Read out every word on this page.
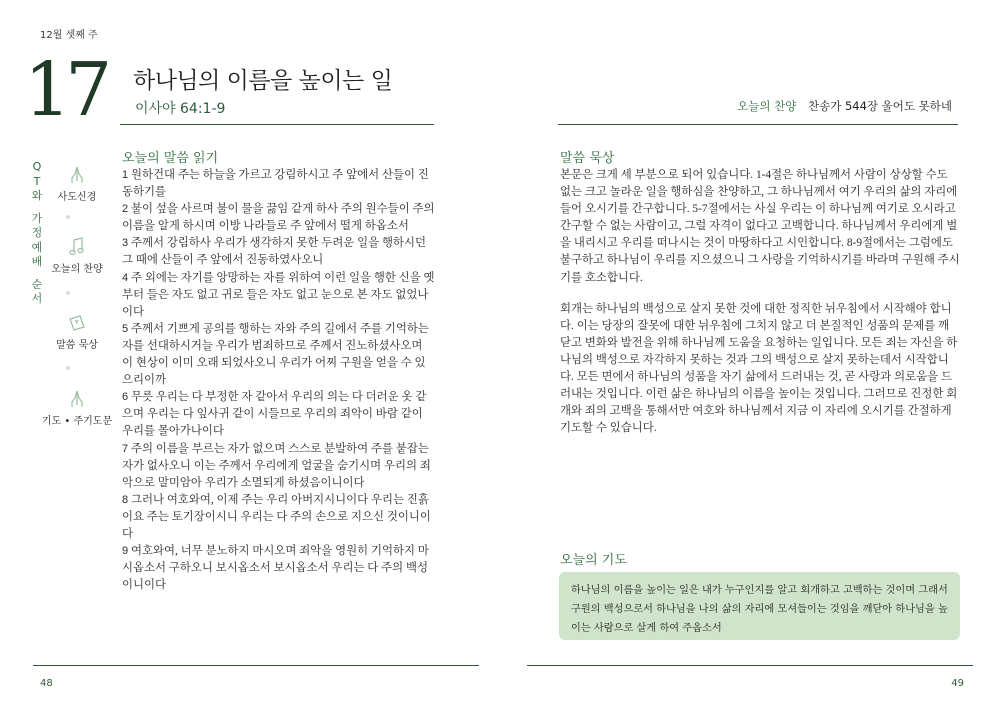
12월 셋째 주
17 하나님의 이름을 높이는 일
이사야 64:1-9	오늘의 찬양 찬송가 544장 울어도 못하네
Q
T
와
가
정
예
배
순
서
사도신경
오늘의 찬양
말씀 묵상
기도 • 주기도문
오늘의 말씀 읽기

1 원하건대 주는 하늘을 가르고 강림하시고 주 앞에서 산들이 진동하기를

2 불이 섶을 사르며 불이 물을 끓임 같게 하사 주의 원수들이 주의 이름을 알게 하시며 이방 나라들로 주 앞에서 떨게 하옵소서

3 주께서 강림하사 우리가 생각하지 못한 두려운 일을 행하시던 그 때에 산들이 주 앞에서 진동하였사오니

4 주 외에는 자기를 앙망하는 자를 위하여 이런 일을 행한 신을 옛부터 들은 자도 없고 귀로 들은 자도 없고 눈으로 본 자도 없었나이다

5 주께서 기쁘게 공의를 행하는 자와 주의 길에서 주를 기억하는 자를 선대하시거늘 우리가 범죄하므로 주께서 진노하셨사오며 이 현상이 이미 오래 되었사오니 우리가 어찌 구원을 얻을 수 있으리이까

6 무릇 우리는 다 부정한 자 같아서 우리의 의는 다 더러운 옷 같으며 우리는 다 잎사귀 같이 시들므로 우리의 죄악이 바람 같이 우리를 몰아가나이다

7 주의 이름을 부르는 자가 없으며 스스로 분발하여 주를 붙잡는 자가 없사오니 이는 주께서 우리에게 얼굴을 숨기시며 우리의 죄악으로 말미암아 우리가 소멸되게 하셨음이니이다

8 그러나 여호와여, 이제 주는 우리 아버지시니이다 우리는 진흙이요 주는 토기장이시니 우리는 다 주의 손으로 지으신 것이니이다

9 여호와여, 너무 분노하지 마시오며 죄악을 영원히 기억하지 마시옵소서 구하오니 보시옵소서 보시옵소서 우리는 다 주의 백성이니이다

말씀 묵상

본문은 크게 세 부분으로 되어 있습니다. 1-4절은 하나님께서 사람이 상상할 수도 없는 크고 놀라운 일을 행하심을 찬양하고, 그 하나님께서 여기 우리의 삶의 자리에 들어 오시기를 간구합니다. 5-7절에서는 사실 우리는 이 하나님께 여기로 오시라고 간구할 수 없는 사람이고, 그럴 자격이 없다고 고백합니다. 하나님께서 우리에게 벌을 내리시고 우리를 떠나시는 것이 마땅하다고 시인합니다. 8-9절에서는 그럼에도 불구하고 하나님이 우리를 지으셨으니 그 사랑을 기억하시기를 바라며 구원해 주시기를 호소합니다.

회개는 하나님의 백성으로 살지 못한 것에 대한 정직한 뉘우침에서 시작해야 합니다. 이는 당장의 잘못에 대한 뉘우침에 그치지 않고 더 본질적인 성품의 문제를 깨닫고 변화와 발전을 위해 하나님께 도움을 요청하는 일입니다. 모든 죄는 자신을 하나님의 백성으로 자각하지 못하는 것과 그의 백성으로 살지 못하는데서 시작합니다. 모든 면에서 하나님의 성품을 자기 삶에서 드러내는 것, 곧 사랑과 의로움을 드러내는 것입니다. 이런 삶은 하나님의 이름을 높이는 것입니다. 그러므로 진정한 회개와 죄의 고백을 통해서만 여호와 하나님께서 지금 이 자리에 오시기를 간절하게 기도할 수 있습니다.

오늘의 기도
하나님의 이름을 높이는 일은 내가 누구인지를 알고 회개하고 고백하는 것이며 그래서 구원의 백성으로서 하나님을 나의 삶의 자리에 모셔들이는 것임을 깨닫아 하나님을 높이는 사람으로 살게 하여 주옵소서
48	49
